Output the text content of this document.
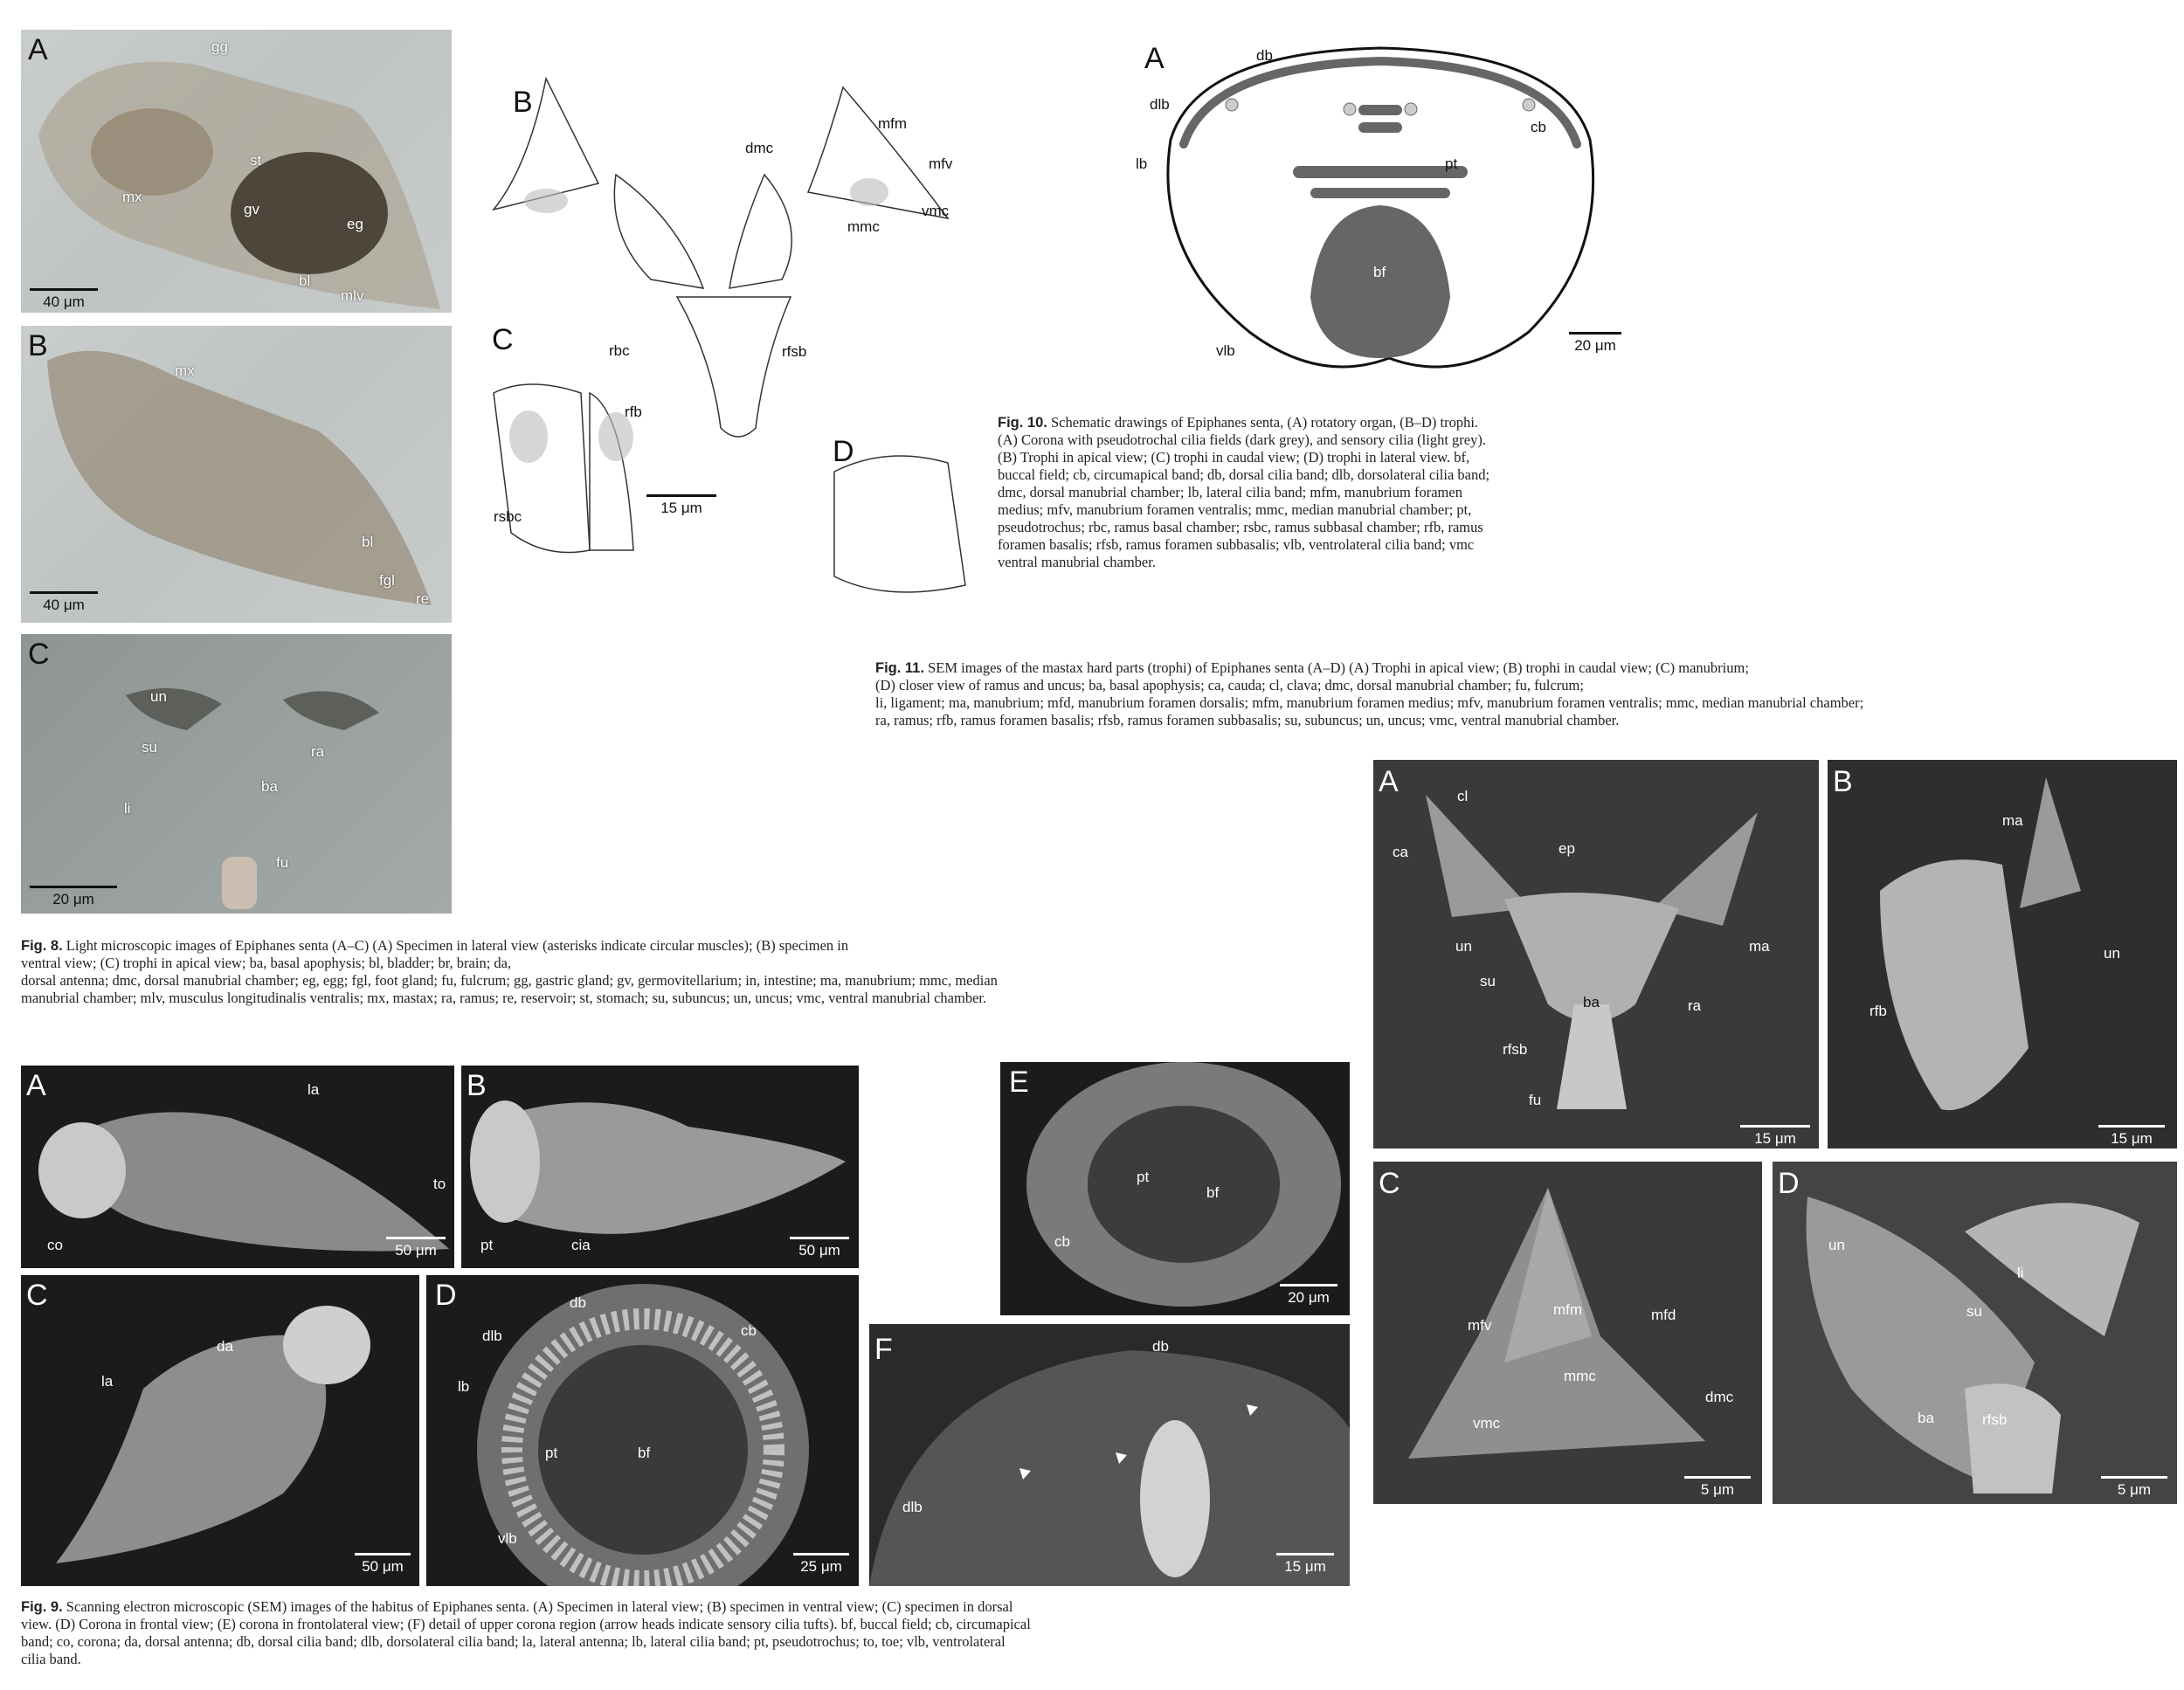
A	gg
st
mx
gv
eg
bl
mlv
40 μm
B
mx
bl
fgl
re
40 μm
C
un
su	ra
ba
li
fu
20 μm
Fig. 8. Light microscopic images of Epiphanes senta (A–C) (A) Specimen in lateral view (asterisks indicate circular muscles); (B) specimen in
ventral view; (C) trophi in apical view; ba, basal apophysis; bl, bladder; br, brain; da,
dorsal antenna; dmc, dorsal manubrial chamber; eg, egg; fgl, foot gland; fu, fulcrum; gg, gastric gland; gv, germovitellarium; in, intestine; ma, manubrium; mmc, median
manubrial chamber; mlv, musculus longitudinalis ventralis; mx, mastax; ra, ramus; re, reservoir; st, stomach; su, subuncus; un, uncus; vmc, ventral manubrial chamber.
B
dmc
mfm
mfv
mmc
vmc
rfsb
C	rbc
rfb
rsbc
D
15 μm
A	db
dlb
cb
lb	pt
bf
vlb	20 μm
Fig. 10. Schematic drawings of Epiphanes senta, (A) rotatory organ, (B–D) trophi.
(A) Corona with pseudotrochal cilia fields (dark grey), and sensory cilia (light grey).
(B) Trophi in apical view; (C) trophi in caudal view; (D) trophi in lateral view. bf,
buccal field; cb, circumapical band; db, dorsal cilia band; dlb, dorsolateral cilia band;
dmc, dorsal manubrial chamber; lb, lateral cilia band; mfm, manubrium foramen
medius; mfv, manubrium foramen ventralis; mmc, median manubrial chamber; pt,
pseudotrochus; rbc, ramus basal chamber; rsbc, ramus subbasal chamber; rfb, ramus
foramen basalis; rfsb, ramus foramen subbasalis; vlb, ventrolateral cilia band; vmc
ventral manubrial chamber.
Fig. 11. SEM images of the mastax hard parts (trophi) of Epiphanes senta (A–D) (A) Trophi in apical view; (B) trophi in caudal view; (C) manubrium;
(D) closer view of ramus and uncus; ba, basal apophysis; ca, cauda; cl, clava; dmc, dorsal manubrial chamber; fu, fulcrum;
li, ligament; ma, manubrium; mfd, manubrium foramen dorsalis; mfm, manubrium foramen medius; mfv, manubrium foramen ventralis; mmc, median manubrial chamber;
ra, ramus; rfb, ramus foramen basalis; rfsb, ramus foramen subbasalis; su, subuncus; un, uncus; vmc, ventral manubrial chamber.
A	cl
ca	ep
un	ma
su
ba	ra
rfsb
fu
15 μm
B
ma
un
rfb
15 μm
C
mfv
mfm	mfd
mmc
vmc
dmc
5 μm
D
un
li
su
ba	rfsb
5 μm
A	la
to
co	50 μm
B
pt	cia	50 μm
C
la
da
50 μm
D	db
dlb	cb
lb
pt	bf
vlb
25 μm
E
pt
bf
cb
20 μm
F	db
dlb
15 μm
Fig. 9. Scanning electron microscopic (SEM) images of the habitus of Epiphanes senta. (A) Specimen in lateral view; (B) specimen in ventral view; (C) specimen in dorsal
view. (D) Corona in frontal view; (E) corona in frontolateral view; (F) detail of upper corona region (arrow heads indicate sensory cilia tufts). bf, buccal field; cb, circumapical
band; co, corona; da, dorsal antenna; db, dorsal cilia band; dlb, dorsolateral cilia band; la, lateral antenna; lb, lateral cilia band; pt, pseudotrochus; to, toe; vlb, ventrolateral
cilia band.
